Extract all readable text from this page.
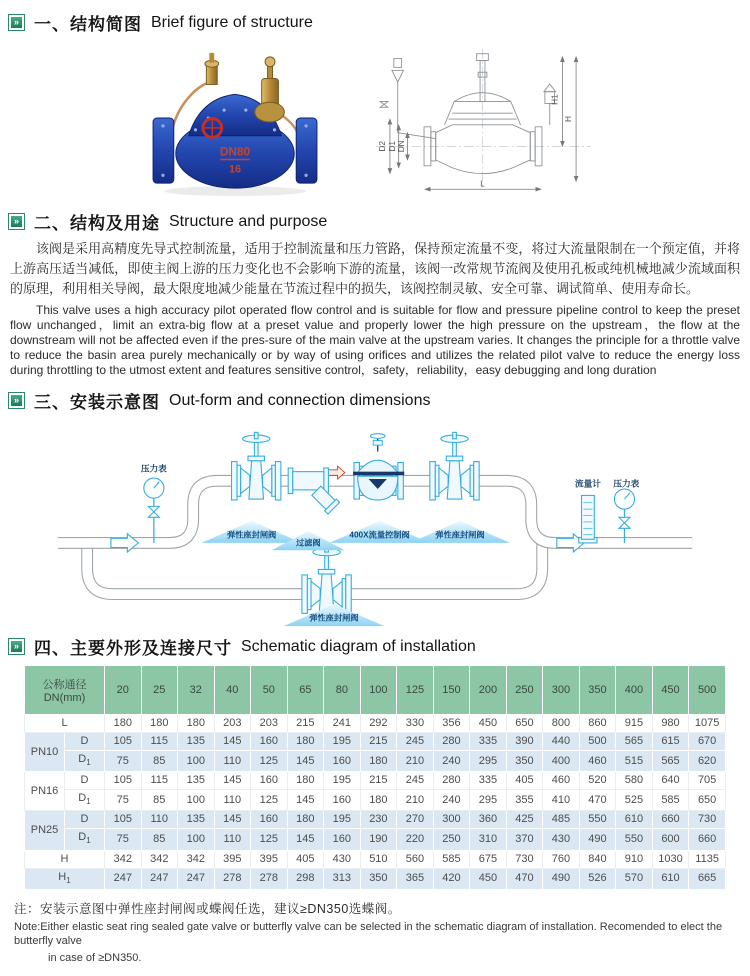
» 一、结构简图 Brief figure of structure
DN80
16
D2 D1 DN
H1
H
L
» 二、结构及用途 Structure and purpose

该阀是采用高精度先导式控制流量，适用于控制流量和压力管路，保持预定流量不变，将过大流量限制在一个预定值，并将上游高压适当减低，即使主阀上游的压力变化也不会影响下游的流量，该阀一改常规节流阀及使用孔板或纯机械地减少流域面积的原理，利用相关导阀，最大限度地减少能量在节流过程中的损失，该阀控制灵敏、安全可靠、调试简单、使用寿命长。

This valve uses a high accuracy pilot operated flow control and is suitable for flow and pressure pipeline control to keep the preset flow unchanged，limit an extra-big flow at a preset value and properly lower the high pressure on the upstream，the flow at the downstream will not be affected even if the pres-sure of the main valve at the upstream varies. It changes the principle for a throttle valve to reduce the basin area purely mechanically or by way of using orifices and utilizes the related pilot valve to reduce the energy loss during throttling to the utmost extent and features sensitive control，safety，reliability，easy debugging and long duration

» 三、安装示意图 Out-form and connection dimensions
压力表
流量计 压力表
弹性座封闸阀
过滤阀
400X流量控制阀	弹性座封闸阀
弹性座封闸阀
» 四、主要外形及连接尺寸 Schematic diagram of installation
公称通径
DN(mm)		20	25	32	40	50	65	80	100	125	150	200	250	300	350	400	450	500
L		180	180	180	203	203	215	241	292	330	356	450	650	800	860	915	980	1075
PN10	D	105	115	135	145	160	180	195	215	245	280	335	390	440	500	565	615	670
	$D_1$	75	85	100	110	125	145	160	180	210	240	295	350	400	460	515	565	620
PN16	D	105	115	135	145	160	180	195	215	245	280	335	405	460	520	580	640	705
	$D_1$	75	85	100	110	125	145	160	180	210	240	295	355	410	470	525	585	650
PN25	D	105	110	135	145	160	180	195	230	270	300	360	425	485	550	610	660	730
	$D_1$	75	85	100	110	125	145	160	190	220	250	310	370	430	490	550	600	660
H		342	342	342	395	395	405	430	510	560	585	675	730	760	840	910	1030	1135
$H_1$		247	247	247	278	278	298	313	350	365	420	450	470	490	526	570	610	665
注：安装示意图中弹性座封闸阀或蝶阀任选，建议≥DN350选蝶阀。
Note:Either elastic seat ring sealed gate valve or butterfly valve can be selected in the schematic diagram of installation. Recomended to elect the butterfly valve
in case of ≥DN350.
